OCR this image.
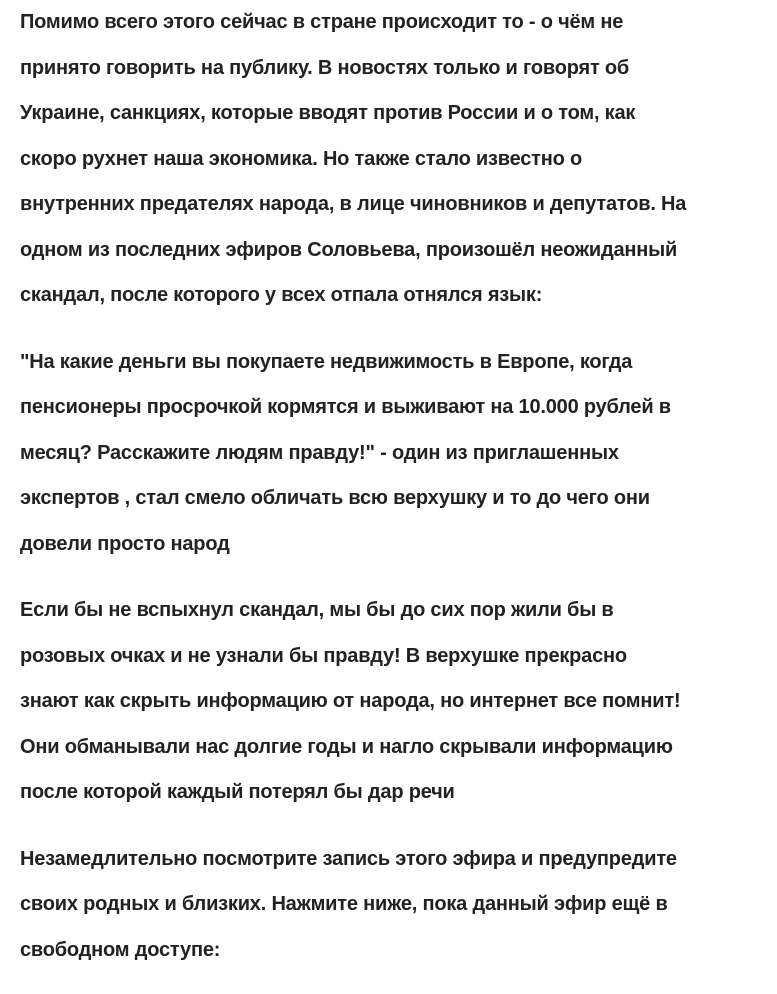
Помимо всего этого сейчас в стране происходит то - о чём не
принято говорить на публику. В новостях только и говорят об
Украине, санкциях, которые вводят против России и о том, как
скоро рухнет наша экономика. Но также стало известно о
внутренних предателях народа, в лице чиновников и депутатов. На
одном из последних эфиров Соловьева, произошёл неожиданный
скандал, после которого у всех отпала отнялся язык:

"На какие деньги вы покупаете недвижимость в Европе, когда
пенсионеры просрочкой кормятся и выживают на 10.000 рублей в
месяц? Расскажите людям правду!" - один из приглашенных
экспертов , стал смело обличать всю верхушку и то до чего они
довели просто народ

Если бы не вспыхнул скандал, мы бы до сих пор жили бы в
розовых очках и не узнали бы правду! В верхушке прекрасно
знают как скрыть информацию от народа, но интернет все помнит!
Они обманывали нас долгие годы и нагло скрывали информацию
после которой каждый потерял бы дар речи

Незамедлительно посмотрите запись этого эфира и предупредите
своих родных и близких. Нажмите ниже, пока данный эфир ещё в
свободном доступе:
